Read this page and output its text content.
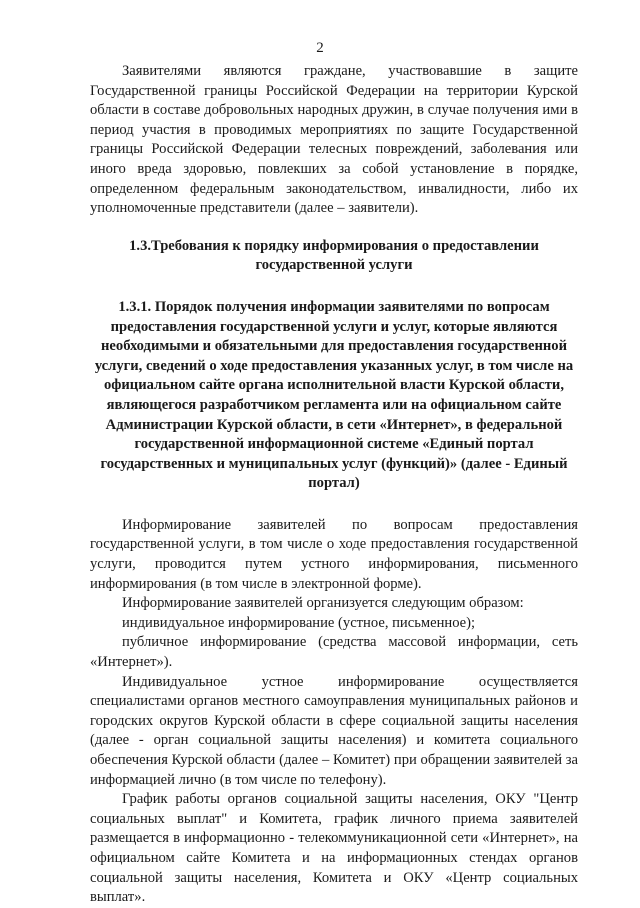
2

Заявителями являются граждане, участвовавшие в защите Государственной границы Российской Федерации на территории Курской области в составе добровольных народных дружин, в случае получения ими в период участия в проводимых мероприятиях по защите Государственной границы Российской Федерации телесных повреждений, заболевания или иного вреда здоровью, повлекших за собой установление в порядке, определенном федеральным законодательством, инвалидности, либо их уполномоченные представители (далее – заявители).

1.3.Требования к порядку информирования о предоставлении государственной услуги

1.3.1. Порядок получения информации заявителями по вопросам предоставления государственной услуги и услуг, которые являются необходимыми и обязательными для предоставления государственной услуги, сведений о ходе предоставления указанных услуг, в том числе на официальном сайте органа исполнительной власти Курской области, являющегося разработчиком регламента или на официальном сайте Администрации Курской области, в сети «Интернет», в федеральной государственной информационной системе «Единый портал государственных и муниципальных услуг (функций)» (далее - Единый портал)

Информирование заявителей по вопросам предоставления государственной услуги, в том числе о ходе предоставления государственной услуги, проводится путем устного информирования, письменного информирования (в том числе в электронной форме).

Информирование заявителей организуется следующим образом:

индивидуальное информирование (устное, письменное);

публичное информирование (средства массовой информации, сеть «Интернет»).

Индивидуальное устное информирование осуществляется специалистами органов местного самоуправления муниципальных районов и городских округов Курской области в сфере социальной защиты населения (далее - орган социальной защиты населения) и комитета социального обеспечения Курской области (далее – Комитет) при обращении заявителей за информацией лично (в том числе по телефону).

График работы органов социальной защиты населения, ОКУ "Центр социальных выплат" и Комитета, график личного приема заявителей размещается в информационно - телекоммуникационной сети «Интернет», на официальном сайте Комитета и на информационных стендах органов социальной защиты населения, Комитета и ОКУ «Центр социальных выплат».
